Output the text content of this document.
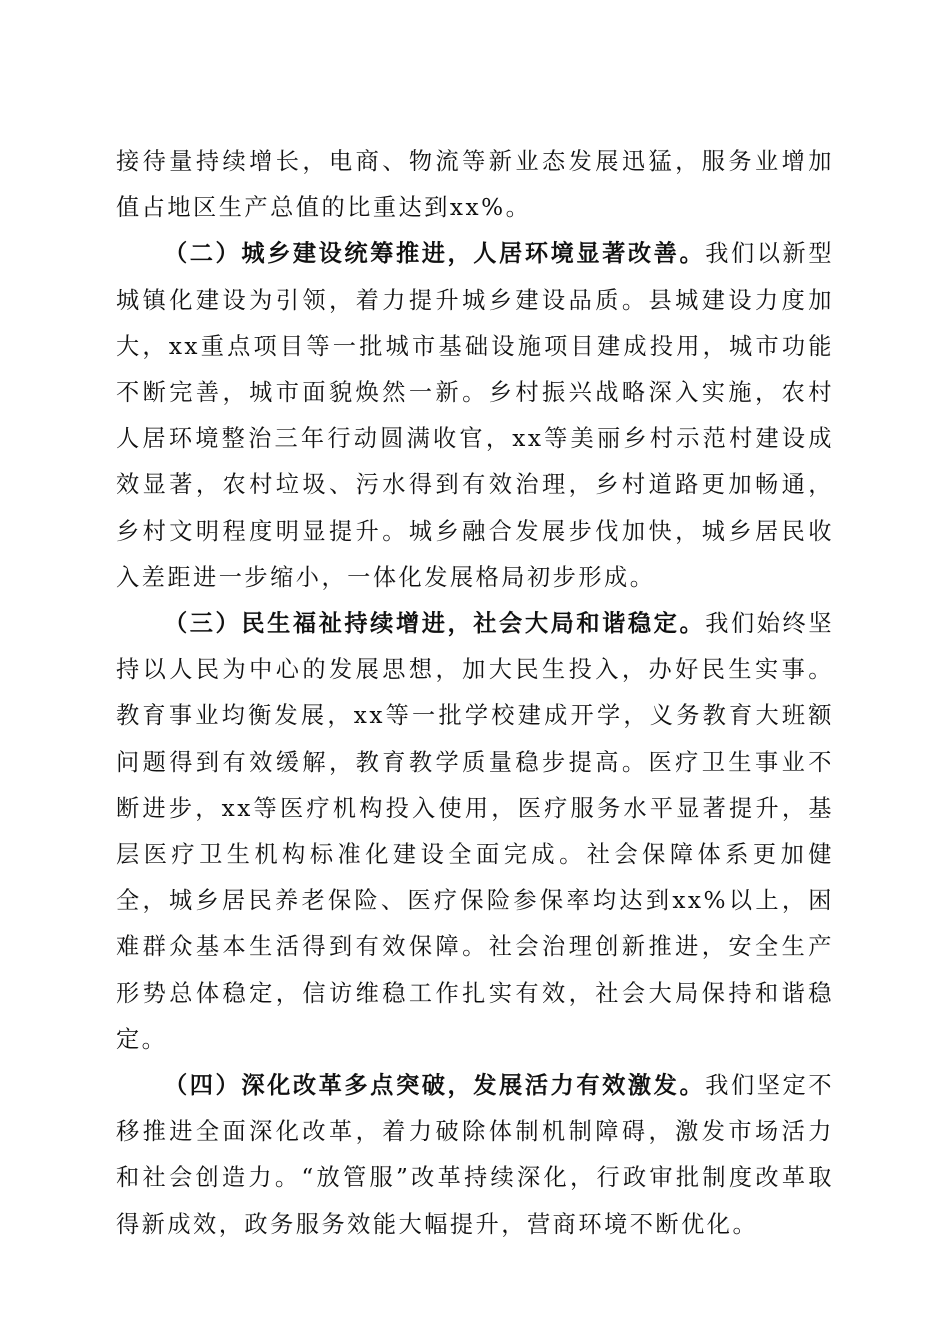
接待量持续增长，电商、物流等新业态发展迅猛，服务业增加值占地区生产总值的比重达到xx%。

（二）城乡建设统筹推进，人居环境显著改善。我们以新型城镇化建设为引领，着力提升城乡建设品质。县城建设力度加大，xx重点项目等一批城市基础设施项目建成投用，城市功能不断完善，城市面貌焕然一新。乡村振兴战略深入实施，农村人居环境整治三年行动圆满收官，xx等美丽乡村示范村建设成效显著，农村垃圾、污水得到有效治理，乡村道路更加畅通，乡村文明程度明显提升。城乡融合发展步伐加快，城乡居民收入差距进一步缩小，一体化发展格局初步形成。

（三）民生福祉持续增进，社会大局和谐稳定。我们始终坚持以人民为中心的发展思想，加大民生投入，办好民生实事。教育事业均衡发展，xx等一批学校建成开学，义务教育大班额问题得到有效缓解，教育教学质量稳步提高。医疗卫生事业不断进步，xx等医疗机构投入使用，医疗服务水平显著提升，基层医疗卫生机构标准化建设全面完成。社会保障体系更加健全，城乡居民养老保险、医疗保险参保率均达到xx%以上，困难群众基本生活得到有效保障。社会治理创新推进，安全生产形势总体稳定，信访维稳工作扎实有效，社会大局保持和谐稳定。

（四）深化改革多点突破，发展活力有效激发。我们坚定不移推进全面深化改革，着力破除体制机制障碍，激发市场活力和社会创造力。“放管服”改革持续深化，行政审批制度改革取得新成效，政务服务效能大幅提升，营商环境不断优化。
